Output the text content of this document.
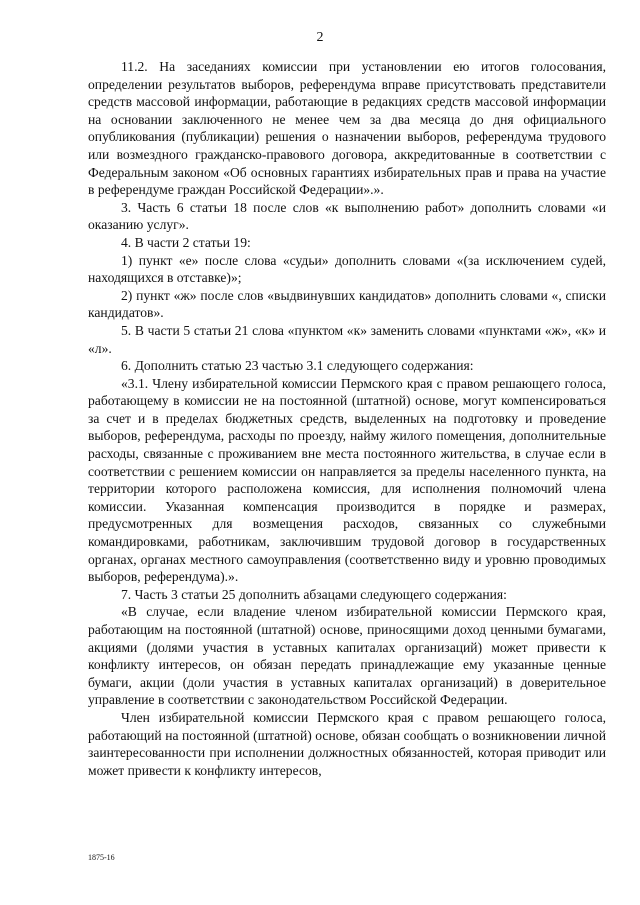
2

11.2. На заседаниях комиссии при установлении ею итогов голосования, определении результатов выборов, референдума вправе присутствовать представители средств массовой информации, работающие в редакциях средств массовой информации на основании заключенного не менее чем за два месяца до дня официального опубликования (публикации) решения о назначении выборов, референдума трудового или возмездного гражданско-правового договора, аккредитованные в соответствии с Федеральным законом «Об основных гарантиях избирательных прав и права на участие в референдуме граждан Российской Федерации».».

3. Часть 6 статьи 18 после слов «к выполнению работ» дополнить словами «и оказанию услуг».

4. В части 2 статьи 19:

1) пункт «е» после слова «судьи» дополнить словами «(за исключением судей, находящихся в отставке)»;

2) пункт «ж» после слов «выдвинувших кандидатов» дополнить словами «, списки кандидатов».

5. В части 5 статьи 21 слова «пунктом «к» заменить словами «пунктами «ж», «к» и «л».

6. Дополнить статью 23 частью 3.1 следующего содержания:

«3.1. Члену избирательной комиссии Пермского края с правом решающего голоса, работающему в комиссии не на постоянной (штатной) основе, могут компенсироваться за счет и в пределах бюджетных средств, выделенных на подготовку и проведение выборов, референдума, расходы по проезду, найму жилого помещения, дополнительные расходы, связанные с проживанием вне места постоянного жительства, в случае если в соответствии с решением комиссии он направляется за пределы населенного пункта, на территории которого расположена комиссия, для исполнения полномочий члена комиссии. Указанная компенсация производится в порядке и размерах, предусмотренных для возмещения расходов, связанных со служебными командировками, работникам, заключившим трудовой договор в государственных органах, органах местного самоуправления (соответственно виду и уровню проводимых выборов, референдума).».

7. Часть 3 статьи 25 дополнить абзацами следующего содержания:

«В случае, если владение членом избирательной комиссии Пермского края, работающим на постоянной (штатной) основе, приносящими доход ценными бумагами, акциями (долями участия в уставных капиталах организаций) может привести к конфликту интересов, он обязан передать принадлежащие ему указанные ценные бумаги, акции (доли участия в уставных капиталах организаций) в доверительное управление в соответствии с законодательством Российской Федерации.

Член избирательной комиссии Пермского края с правом решающего голоса, работающий на постоянной (штатной) основе, обязан сообщать о возникновении личной заинтересованности при исполнении должностных обязанностей, которая приводит или может привести к конфликту интересов,

1875-16
